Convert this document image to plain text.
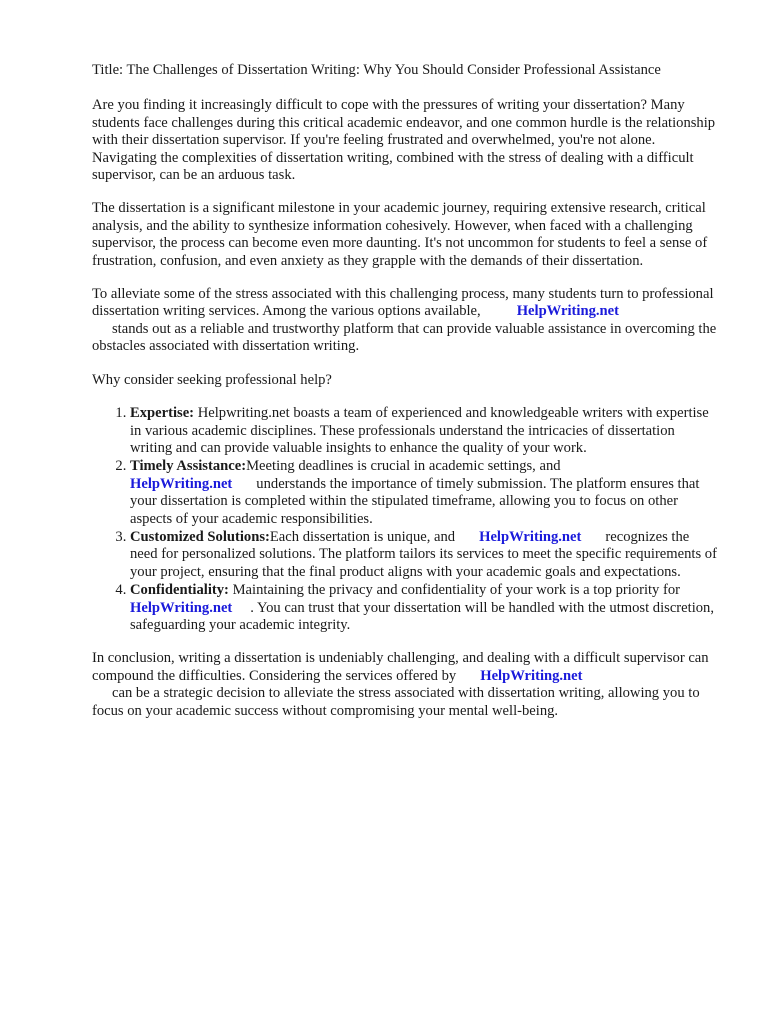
Title: The Challenges of Dissertation Writing: Why You Should Consider Professional Assistance

Are you finding it increasingly difficult to cope with the pressures of writing your dissertation? Many students face challenges during this critical academic endeavor, and one common hurdle is the relationship with their dissertation supervisor. If you're feeling frustrated and overwhelmed, you're not alone. Navigating the complexities of dissertation writing, combined with the stress of dealing with a difficult supervisor, can be an arduous task.

The dissertation is a significant milestone in your academic journey, requiring extensive research, critical analysis, and the ability to synthesize information cohesively. However, when faced with a challenging supervisor, the process can become even more daunting. It's not uncommon for students to feel a sense of frustration, confusion, and even anxiety as they grapple with the demands of their dissertation.

To alleviate some of the stress associated with this challenging process, many students turn to professional dissertation writing services. Among the various options available, HelpWriting.net
stands out as a reliable and trustworthy platform that can provide valuable assistance in overcoming the obstacles associated with dissertation writing.

Why consider seeking professional help?

1. Expertise: Helpwriting.net boasts a team of experienced and knowledgeable writers with expertise in various academic disciplines. These professionals understand the intricacies of dissertation writing and can provide valuable insights to enhance the quality of your work.
2. Timely Assistance:Meeting deadlines is crucial in academic settings, and
HelpWriting.net understands the importance of timely submission. The platform ensures that your dissertation is completed within the stipulated timeframe, allowing you to focus on other aspects of your academic responsibilities.
3. Customized Solutions:Each dissertation is unique, and HelpWriting.net recognizes the need for personalized solutions. The platform tailors its services to meet the specific requirements of your project, ensuring that the final product aligns with your academic goals and expectations.
4. Confidentiality: Maintaining the privacy and confidentiality of your work is a top priority forHelpWriting.net . You can trust that your dissertation will be handled with the utmost discretion, safeguarding your academic integrity.

In conclusion, writing a dissertation is undeniably challenging, and dealing with a difficult supervisor can compound the difficulties. Considering the services offered by HelpWriting.net
can be a strategic decision to alleviate the stress associated with dissertation writing, allowing you to focus on your academic success without compromising your mental well-being.
